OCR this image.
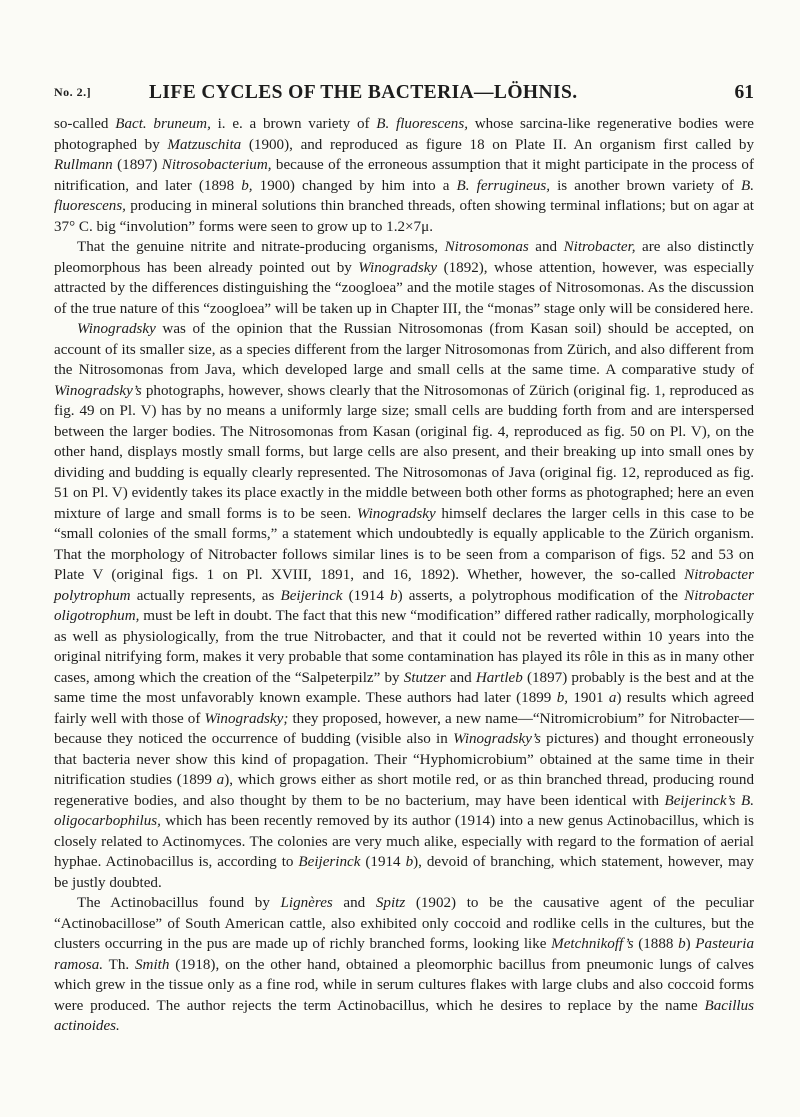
No. 2.]	LIFE CYCLES OF THE BACTERIA—LÖHNIS.	61

so-called Bact. bruneum, i. e. a brown variety of B. fluorescens, whose sarcina-like regenerative bodies were photographed by Matzuschita (1900), and reproduced as figure 18 on Plate II. An organism first called by Rullmann (1897) Nitrosobacterium, because of the erroneous assumption that it might participate in the process of nitrification, and later (1898 b, 1900) changed by him into a B. ferrugineus, is another brown variety of B. fluorescens, producing in mineral solutions thin branched threads, often showing terminal inflations; but on agar at 37° C. big “involution” forms were seen to grow up to 1.2×7μ.

That the genuine nitrite and nitrate-producing organisms, Nitrosomonas and Nitrobacter, are also distinctly pleomorphous has been already pointed out by Winogradsky (1892), whose attention, however, was especially attracted by the differences distinguishing the “zoogloea” and the motile stages of Nitrosomonas. As the discussion of the true nature of this “zoogloea” will be taken up in Chapter III, the “monas” stage only will be considered here.

Winogradsky was of the opinion that the Russian Nitrosomonas (from Kasan soil) should be accepted, on account of its smaller size, as a species different from the larger Nitrosomonas from Zürich, and also different from the Nitrosomonas from Java, which developed large and small cells at the same time. A comparative study of Winogradsky’s photographs, however, shows clearly that the Nitrosomonas of Zürich (original fig. 1, reproduced as fig. 49 on Pl. V) has by no means a uniformly large size; small cells are budding forth from and are interspersed between the larger bodies. The Nitrosomonas from Kasan (original fig. 4, reproduced as fig. 50 on Pl. V), on the other hand, displays mostly small forms, but large cells are also present, and their breaking up into small ones by dividing and budding is equally clearly represented. The Nitrosomonas of Java (original fig. 12, reproduced as fig. 51 on Pl. V) evidently takes its place exactly in the middle between both other forms as photographed; here an even mixture of large and small forms is to be seen. Winogradsky himself declares the larger cells in this case to be “small colonies of the small forms,” a statement which undoubtedly is equally applicable to the Zürich organism. That the morphology of Nitrobacter follows similar lines is to be seen from a comparison of figs. 52 and 53 on Plate V (original figs. 1 on Pl. XVIII, 1891, and 16, 1892). Whether, however, the so-called Nitrobacter polytrophum actually represents, as Beijerinck (1914 b) asserts, a polytrophous modification of the Nitrobacter oligotrophum, must be left in doubt. The fact that this new “modification” differed rather radically, morphologically as well as physiologically, from the true Nitrobacter, and that it could not be reverted within 10 years into the original nitrifying form, makes it very probable that some contamination has played its rôle in this as in many other cases, among which the creation of the “Salpeterpilz” by Stutzer and Hartleb (1897) probably is the best and at the same time the most unfavorably known example. These authors had later (1899 b, 1901 a) results which agreed fairly well with those of Winogradsky; they proposed, however, a new name—“Nitromicrobium” for Nitrobacter—because they noticed the occurrence of budding (visible also in Winogradsky’s pictures) and thought erroneously that bacteria never show this kind of propagation. Their “Hyphomicrobium” obtained at the same time in their nitrification studies (1899 a), which grows either as short motile red, or as thin branched thread, producing round regenerative bodies, and also thought by them to be no bacterium, may have been identical with Beijerinck’s B. oligocarbophilus, which has been recently removed by its author (1914) into a new genus Actinobacillus, which is closely related to Actinomyces. The colonies are very much alike, especially with regard to the formation of aerial hyphae. Actinobacillus is, according to Beijerinck (1914 b), devoid of branching, which statement, however, may be justly doubted.

The Actinobacillus found by Lignères and Spitz (1902) to be the causative agent of the peculiar “Actinobacillose” of South American cattle, also exhibited only coccoid and rodlike cells in the cultures, but the clusters occurring in the pus are made up of richly branched forms, looking like Metchnikoff’s (1888 b) Pasteuria ramosa. Th. Smith (1918), on the other hand, obtained a pleomorphic bacillus from pneumonic lungs of calves which grew in the tissue only as a fine rod, while in serum cultures flakes with large clubs and also coccoid forms were produced. The author rejects the term Actinobacillus, which he desires to replace by the name Bacillus actinoides.
